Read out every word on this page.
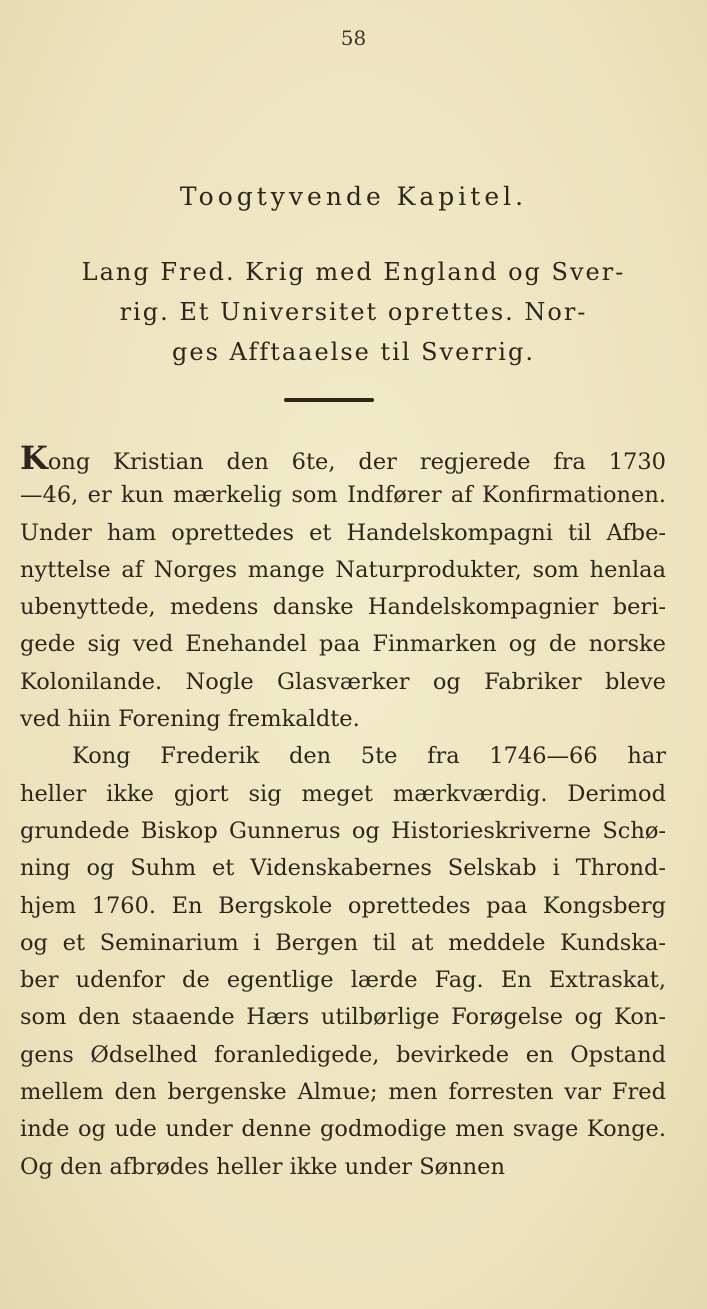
58
Toogtyvende Kapitel.
Lang Fred. Krig med England og Sver-
rig. Et Universitet oprettes. Nor-
ges Afftaaelse til Sverrig.
Kong Kristian den 6te, der regjerede fra 1730
—46, er kun mærkelig som Indfører af Konfirmationen.
Under ham oprettedes et Handelskompagni til Afbe-
nyttelse af Norges mange Naturprodukter, som henlaa
ubenyttede, medens danske Handelskompagnier beri-
gede sig ved Enehandel paa Finmarken og de norske
Kolonilande. Nogle Glasværker og Fabriker bleve
ved hiin Forening fremkaldte.
Kong Frederik den 5te fra 1746—66 har
heller ikke gjort sig meget mærkværdig. Derimod
grundede Biskop Gunnerus og Historieskriverne Schø-
ning og Suhm et Videnskabernes Selskab i Thrond-
hjem 1760. En Bergskole oprettedes paa Kongsberg
og et Seminarium i Bergen til at meddele Kundska-
ber udenfor de egentlige lærde Fag. En Extraskat,
som den staaende Hærs utilbørlige Forøgelse og Kon-
gens Ødselhed foranledigede, bevirkede en Opstand
mellem den bergenske Almue; men forresten var Fred
inde og ude under denne godmodige men svage Konge.
Og den afbrødes heller ikke under Sønnen
